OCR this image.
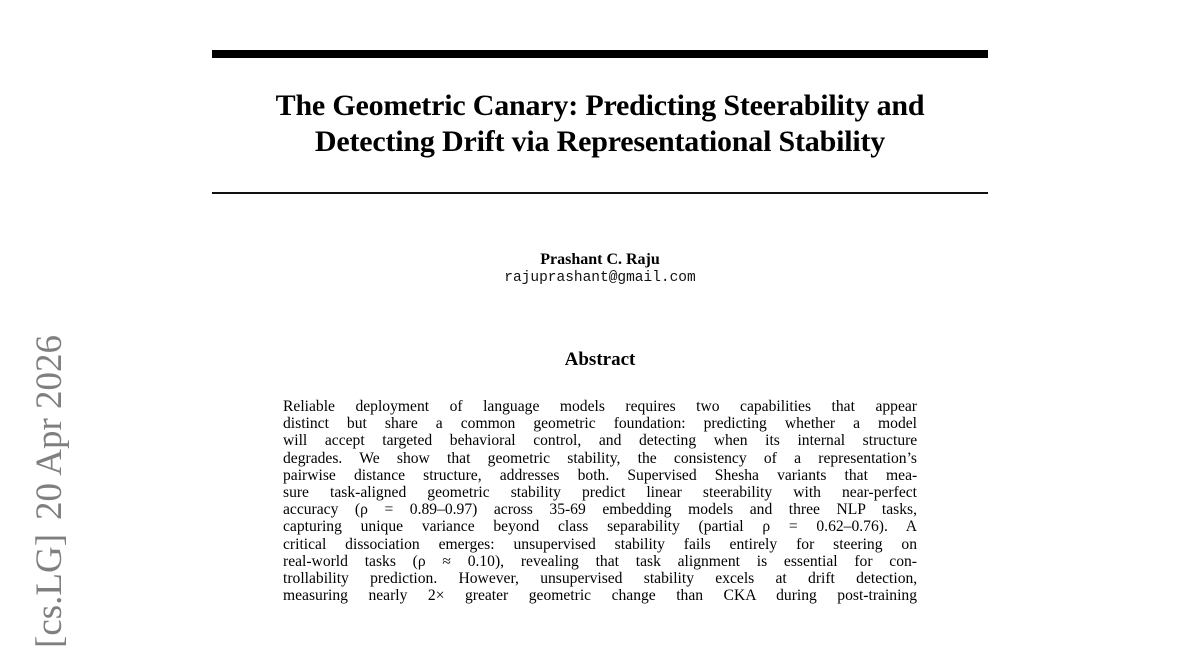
The Geometric Canary: Predicting Steerability and
Detecting Drift via Representational Stability
Prashant C. Raju
rajuprashant@gmail.com
Abstract
Reliable deployment of language models requires two capabilities that appear
distinct but share a common geometric foundation: predicting whether a model
will accept targeted behavioral control, and detecting when its internal structure
degrades. We show that geometric stability, the consistency of a representation’s
pairwise distance structure, addresses both. Supervised Shesha variants that mea-
sure task-aligned geometric stability predict linear steerability with near-perfect
accuracy (ρ = 0.89–0.97) across 35-69 embedding models and three NLP tasks,
capturing unique variance beyond class separability (partial ρ = 0.62–0.76). A
critical dissociation emerges: unsupervised stability fails entirely for steering on
real-world tasks (ρ ≈ 0.10), revealing that task alignment is essential for con-
trollability prediction. However, unsupervised stability excels at drift detection,
measuring nearly 2× greater geometric change than CKA during post-training
[cs.LG]20 Apr 2026
